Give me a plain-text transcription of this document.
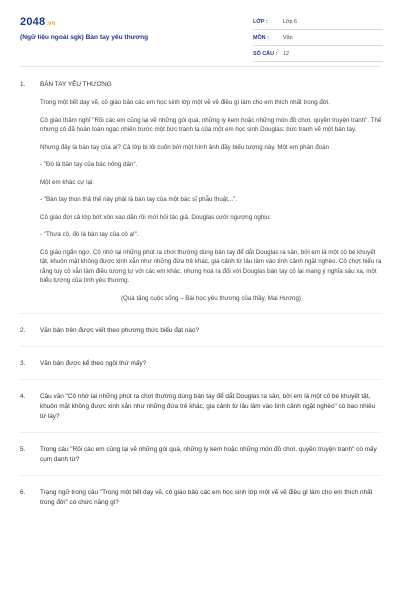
2048.vn
(Ngữ liệu ngoài sgk) Bàn tay yêu thương
LỚP :	Lớp 6
MÔN :	Văn
SỐ CÂU :	12
1.	BÀN TAY YÊU THƯƠNG

Trong một tiết dạy vẽ, cô giáo bảo các em học sinh lớp một vẽ về điều gì làm cho em thích nhất trong đời.

Cô giáo thầm nghĩ "Rồi các em cũng lại vẽ những gói quà, những ly kem hoặc những món đồ chơi, quyền truyện tranh". Thế nhưng cô đã hoàn toàn ngạc nhiên trước một bức tranh lạ của một em học sinh Douglas: bức tranh vẽ một bàn tay.

Nhưng đây là bàn tay của ai? Cả lớp bị lôi cuốn bởi một hình ảnh đầy biểu tượng này. Một em phán đoán

- "Đó là bàn tay của bác nông dân".

Một em khác cự lại:

- "Bàn tay thon thả thế này phải là bàn tay của một bác sĩ phẫu thuật...".

Cô giáo đợi cả lớp bớt xôn xao dần rồi mới hỏi tác giả. Douglas cười ngượng nghịu:

- "Thưa cô, đó là bàn tay của cô ạ!".

Cô giáo ngẩn ngơ. Cô nhớ lại những phút ra chơi thường dùng bàn tay để dắt Douglas ra sân, bởi em là một cô bé khuyết tật, khuôn mặt không được xinh xắn như những đứa trẻ khác, gia cảnh từ lâu lâm vào tình cảnh ngặt nghèo. Cô chợt hiểu ra rằng tuy cô vẫn làm điều tương tự với các em khác, nhưng hoá ra đối với Douglas bàn tay cô lại mang ý nghĩa sâu xa, một biểu tượng của tình yêu thương.

(Quà tặng cuộc sống – Bài học yêu thương của thầy, Mai Hương)

2.	Văn bản trên được viết theo phương thức biểu đạt nào?
3.	Văn bản được kể theo ngôi thứ mấy?
4.	Câu văn "Cô nhớ lại những phút ra chơi thường dùng bàn tay để dắt Douglas ra sân, bởi em là một cô bé khuyết tật, khuôn mặt không được xinh xắn như những đứa trẻ khác, gia cảnh từ lâu lâm vào tình cảnh ngặt nghèo" có bao nhiêu từ láy?
5.	Trong câu "Rồi các em cũng lại vẽ những gói quà, những ly kem hoặc những món đồ chơi, quyền truyện tranh" có mấy cụm danh từ?
6.	Trạng ngữ trong câu "Trong một tiết dạy vẽ, cô giáo bảo các em học sinh lớp một vẽ về điều gì làm cho em thích nhất trong đời" có chức năng gì?
